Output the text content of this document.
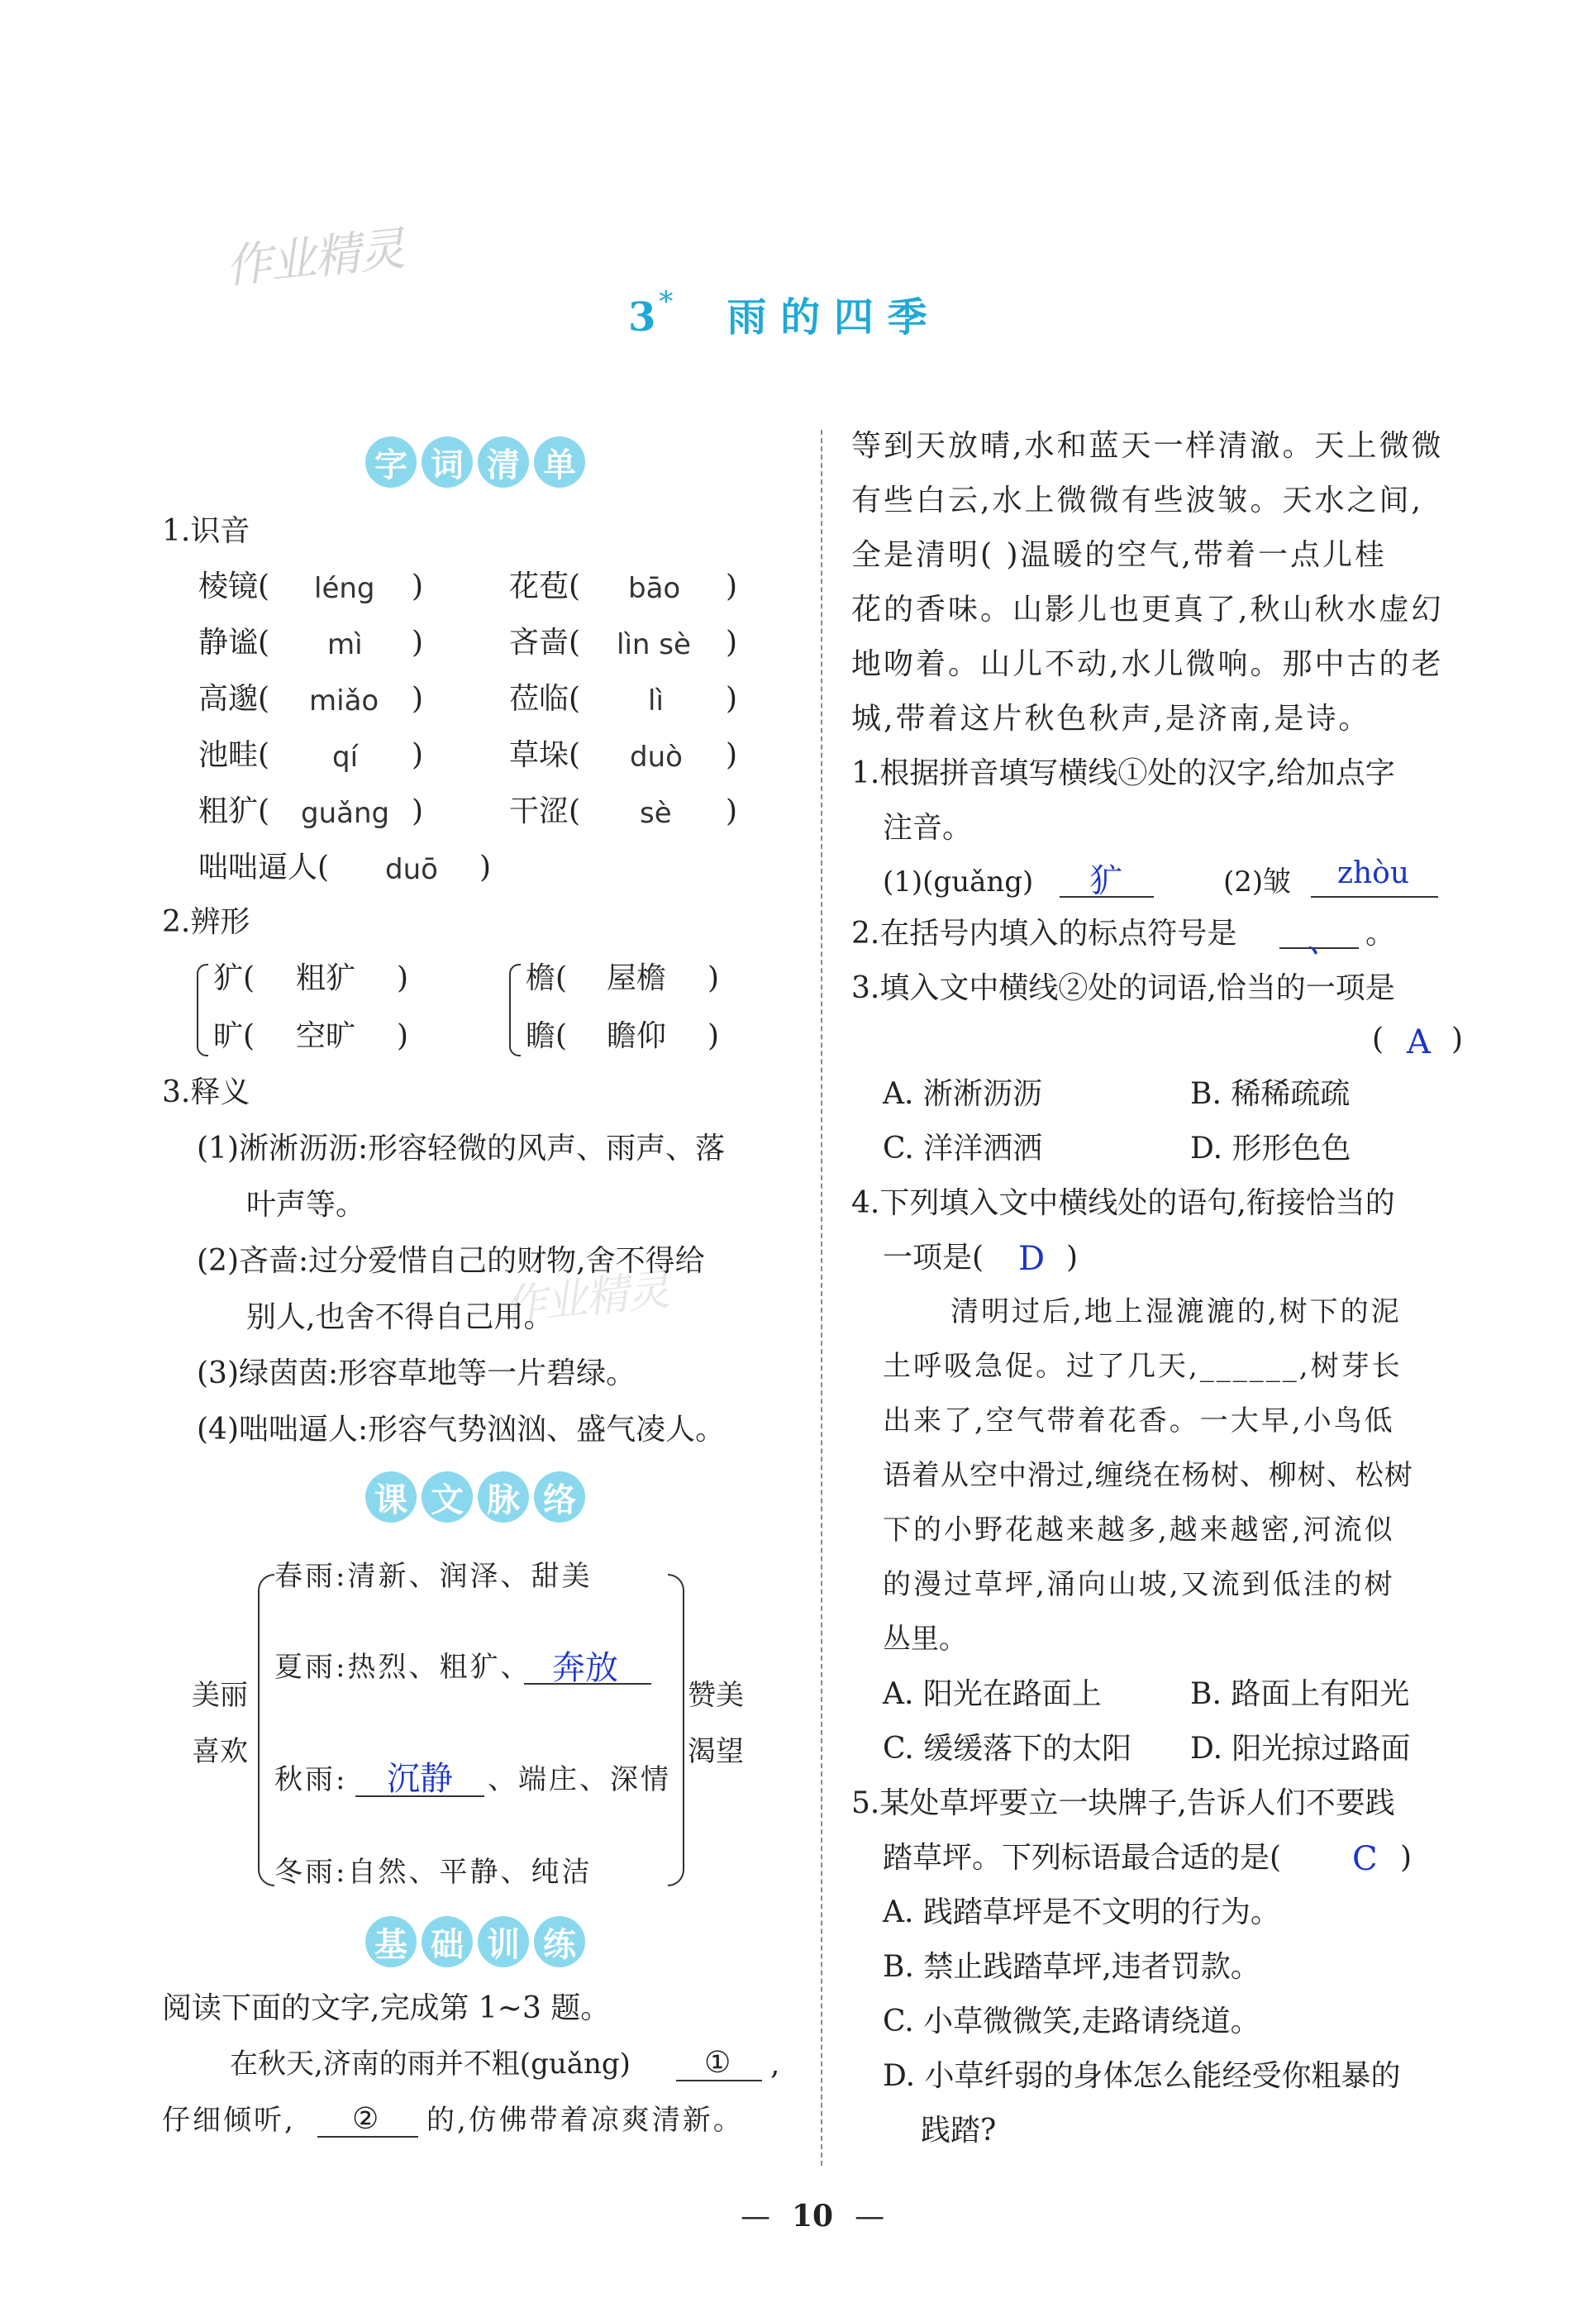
作业精灵
作业精灵
3 * 雨 的 四 季
字 词 清 单
1.识音
棱镜( léng )	花苞( bāo )
静谧( mì )	吝啬( lìn sè )
高邈( miǎo )	莅临( lì )
池畦( qí )	草垛( duò )
粗犷( guǎng )	干涩( sè )
咄咄逼人( duō )
2.辨形
犷( 粗犷 )
旷( 空旷 )
檐( 屋檐 )
瞻( 瞻仰 )
3.释义
(1)淅淅沥沥:形容轻微的风声、雨声、落
叶声等。
(2)吝啬:过分爱惜自己的财物,舍不得给
别人,也舍不得自己用。
(3)绿茵茵:形容草地等一片碧绿。
(4)咄咄逼人:形容气势汹汹、盛气凌人。
课 文 脉 络
美丽
喜欢
春雨:清新、润泽、甜美
夏雨:热烈、粗犷、 奔放
秋雨: 沉静 、端庄、深情
冬雨:自然、平静、纯洁
赞美
渴望
基 础 训 练
阅读下面的文字,完成第 1~3 题。
在秋天,济南的雨并不粗(guǎng) ① ,
仔细倾听, ② 的,仿佛带着凉爽清新。
等到天放晴,水和蓝天一样清澈。天上微微
有些白云,水上微微有些波皱。天水之间,
全是清明( )温暖的空气,带着一点儿桂
花的香味。山影儿也更真了,秋山秋水虚幻
地吻着。山儿不动,水儿微响。那中古的老
城,带着这片秋色秋声,是济南,是诗。
1.根据拼音填写横线①处的汉字,给加点字
注音。
(1)(guǎng) 犷	(2)皱 zhòu
2.在括号内填入的标点符号是 、 。
3.填入文中横线②处的词语,恰当的一项是
( A )
A. 淅淅沥沥	B. 稀稀疏疏
C. 洋洋洒洒	D. 形形色色
4.下列填入文中横线处的语句,衔接恰当的
一项是( D )
清明过后,地上湿漉漉的,树下的泥
土呼吸急促。过了几天,______,树芽长
出来了,空气带着花香。一大早,小鸟低
语着从空中滑过,缠绕在杨树、柳树、松树
下的小野花越来越多,越来越密,河流似
的漫过草坪,涌向山坡,又流到低洼的树
丛里。
A. 阳光在路面上	B. 路面上有阳光
C. 缓缓落下的太阳 D. 阳光掠过路面
5.某处草坪要立一块牌子,告诉人们不要践
踏草坪。下列标语最合适的是( C )
A. 践踏草坪是不文明的行为。
B. 禁止践踏草坪,违者罚款。
C. 小草微微笑,走路请绕道。
D. 小草纤弱的身体怎么能经受你粗暴的
践踏?
— 10 —
